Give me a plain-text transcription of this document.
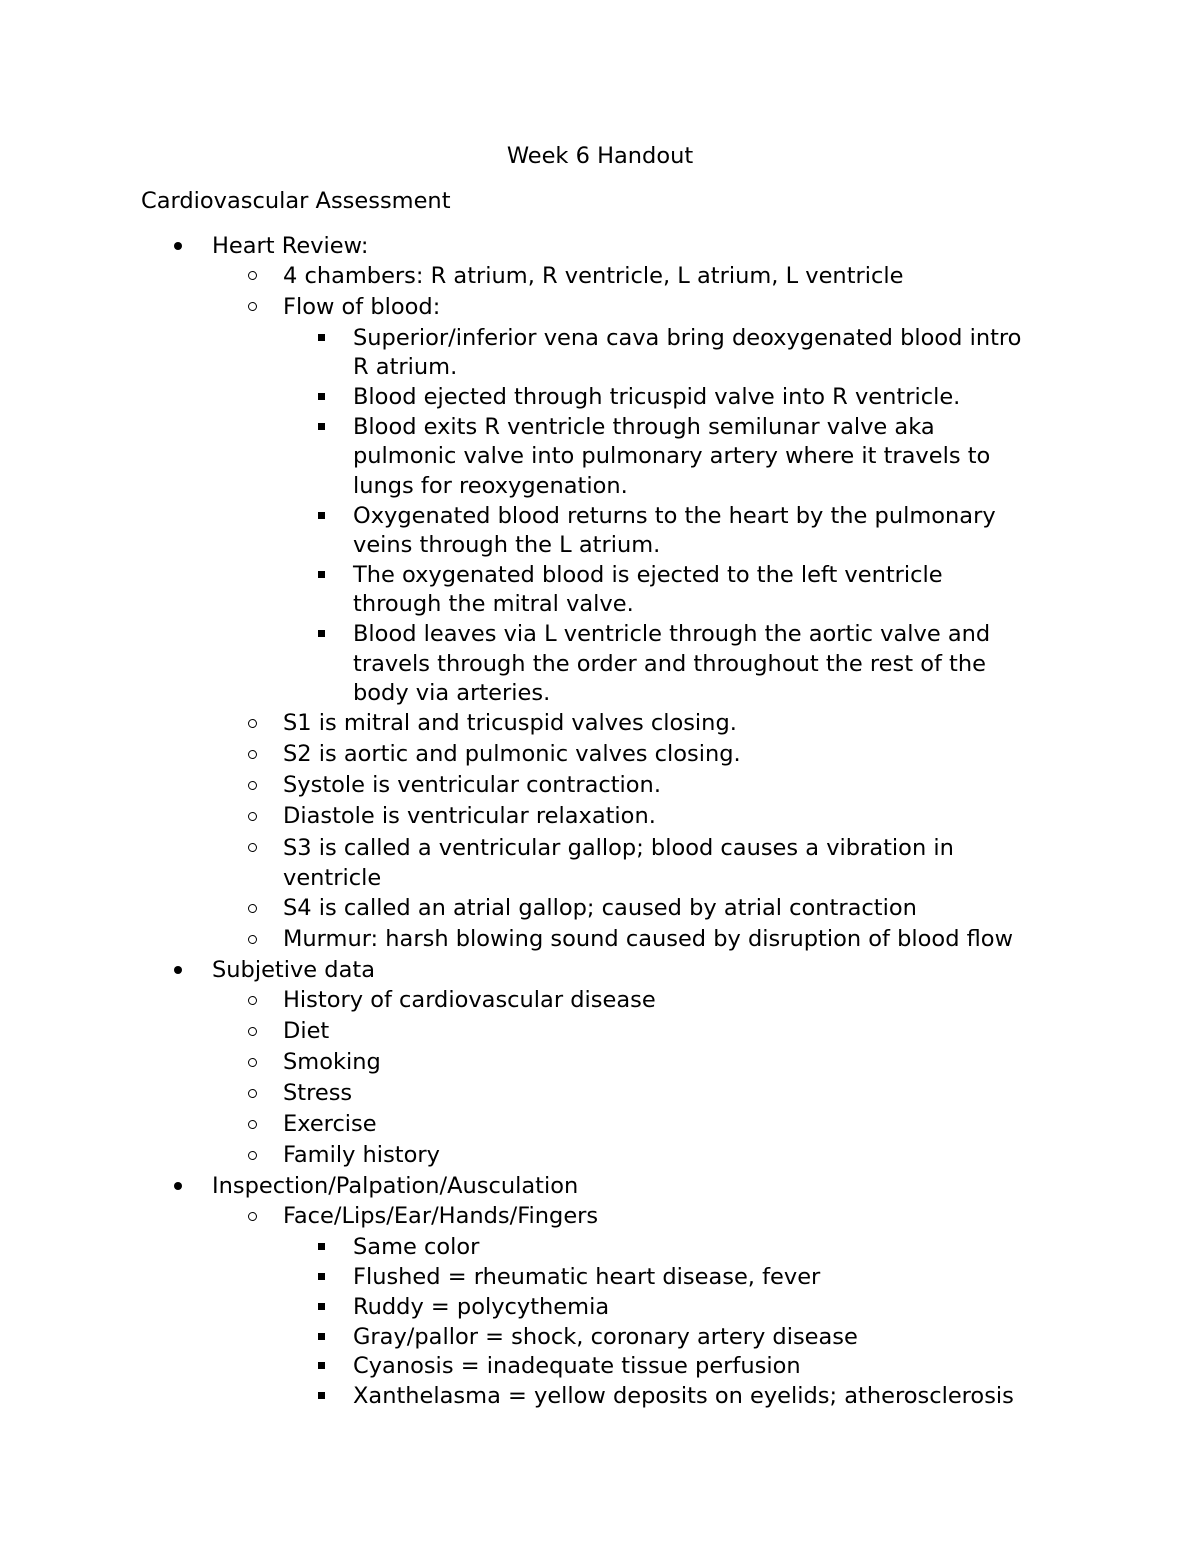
Week 6 Handout
Cardiovascular Assessment
Heart Review:
4 chambers: R atrium, R ventricle, L atrium, L ventricle
Flow of blood:
Superior/inferior vena cava bring deoxygenated blood intro
R atrium.
Blood ejected through tricuspid valve into R ventricle.
Blood exits R ventricle through semilunar valve aka
pulmonic valve into pulmonary artery where it travels to
lungs for reoxygenation.
Oxygenated blood returns to the heart by the pulmonary
veins through the L atrium.
The oxygenated blood is ejected to the left ventricle
through the mitral valve.
Blood leaves via L ventricle through the aortic valve and
travels through the order and throughout the rest of the
body via arteries.
S1 is mitral and tricuspid valves closing.
S2 is aortic and pulmonic valves closing.
Systole is ventricular contraction.
Diastole is ventricular relaxation.
S3 is called a ventricular gallop; blood causes a vibration in
ventricle
S4 is called an atrial gallop; caused by atrial contraction
Murmur: harsh blowing sound caused by disruption of blood flow
Subjetive data
History of cardiovascular disease
Diet
Smoking
Stress
Exercise
Family history
Inspection/Palpation/Ausculation
Face/Lips/Ear/Hands/Fingers
Same color
Flushed = rheumatic heart disease, fever
Ruddy = polycythemia
Gray/pallor = shock, coronary artery disease
Cyanosis = inadequate tissue perfusion
Xanthelasma = yellow deposits on eyelids; atherosclerosis
